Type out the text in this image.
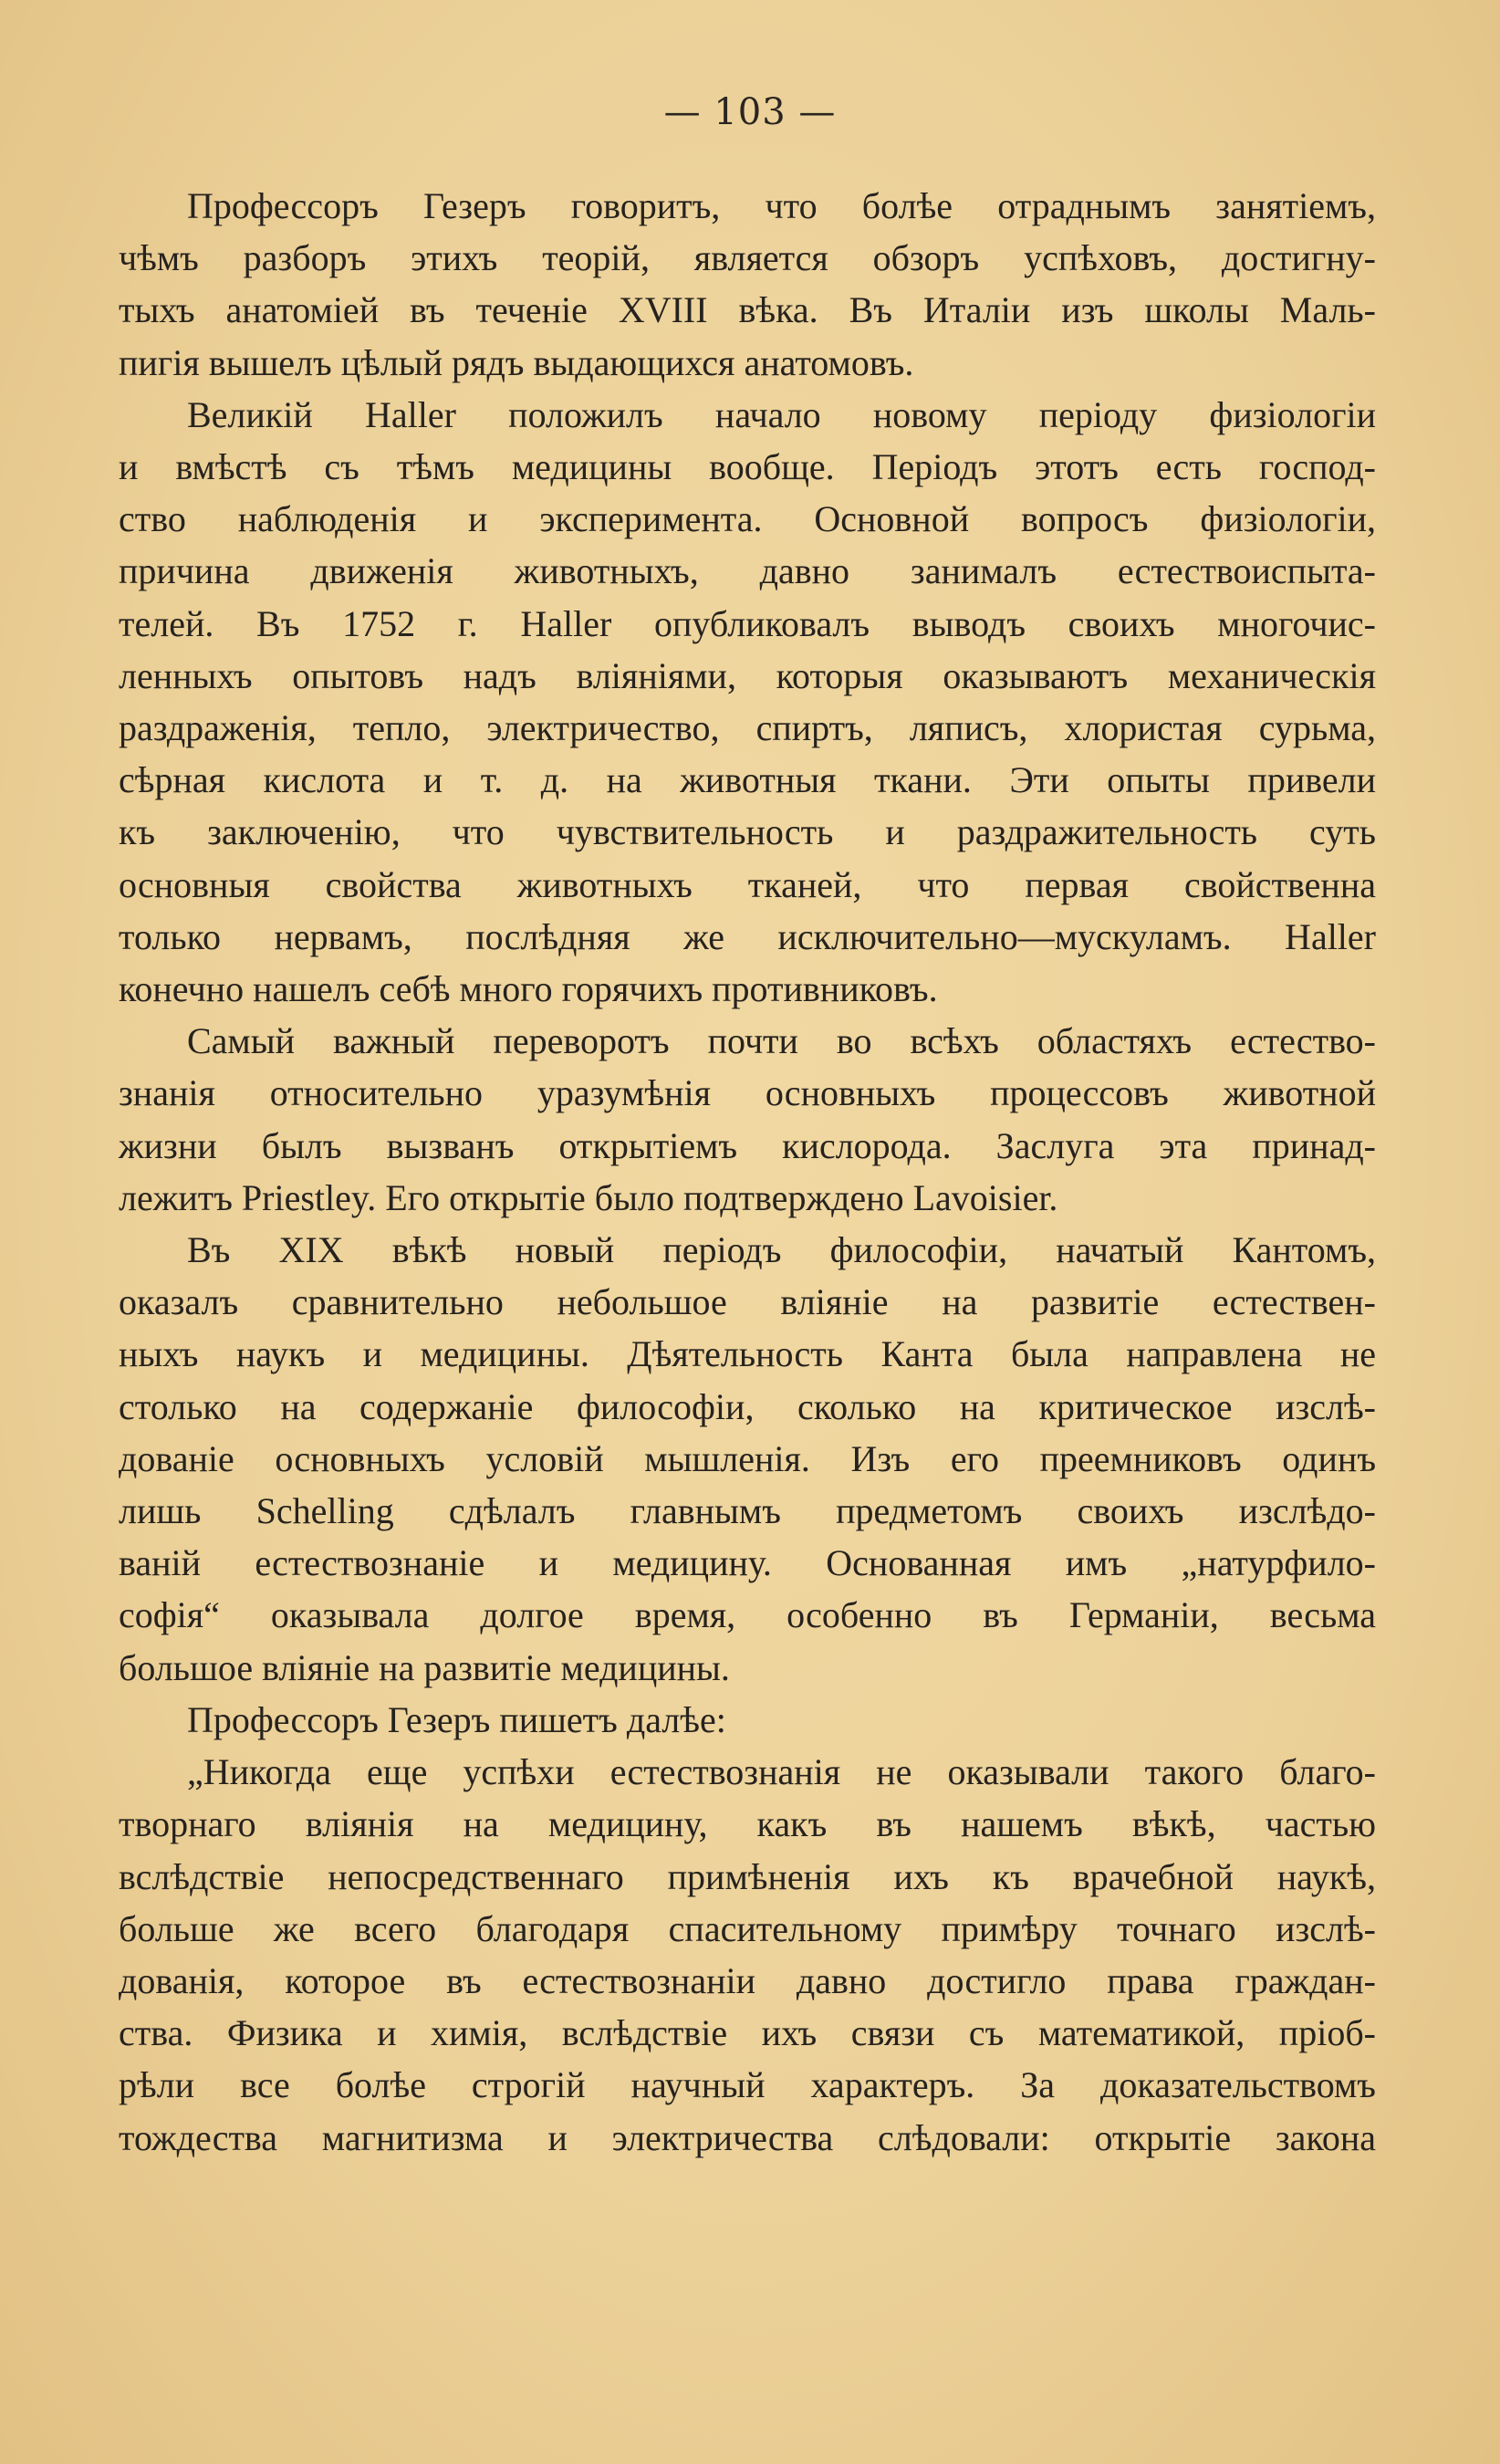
— 103 —
Профессоръ Гезеръ говоритъ, что болѣе отраднымъ занятіемъ,
чѣмъ разборъ этихъ теорій, является обзоръ успѣховъ, достигну-
тыхъ анатоміей въ теченіе XVIII вѣка. Въ Италіи изъ школы Маль-
пигія вышелъ цѣлый рядъ выдающихся анатомовъ.
Великій Haller положилъ начало новому періоду физіологіи
и вмѣстѣ съ тѣмъ медицины вообще. Періодъ этотъ есть господ-
ство наблюденія и эксперимента. Основной вопросъ физіологіи,
причина движенія животныхъ, давно занималъ естествоиспыта-
телей. Въ 1752 г. Haller опубликовалъ выводъ своихъ многочис-
ленныхъ опытовъ надъ вліяніями, которыя оказываютъ механическія
раздраженія, тепло, электричество, спиртъ, ляписъ, хлористая сурьма,
сѣрная кислота и т. д. на животныя ткани. Эти опыты привели
къ заключенію, что чувствительность и раздражительность суть
основныя свойства животныхъ тканей, что первая свойственна
только нервамъ, послѣдняя же исключительно—мускуламъ. Haller
конечно нашелъ себѣ много горячихъ противниковъ.
Самый важный переворотъ почти во всѣхъ областяхъ естество-
знанія относительно уразумѣнія основныхъ процессовъ животной
жизни былъ вызванъ открытіемъ кислорода. Заслуга эта принад-
лежитъ Priestley. Его открытіе было подтверждено Lavoisier.
Въ XIX вѣкѣ новый періодъ философіи, начатый Кантомъ,
оказалъ сравнительно небольшое вліяніе на развитіе естествен-
ныхъ наукъ и медицины. Дѣятельность Канта была направлена не
столько на содержаніе философіи, сколько на критическое изслѣ-
дованіе основныхъ условій мышленія. Изъ его преемниковъ одинъ
лишь Schelling сдѣлалъ главнымъ предметомъ своихъ изслѣдо-
ваній естествознаніе и медицину. Основанная имъ „натурфило-
софія“ оказывала долгое время, особенно въ Германіи, весьма
большое вліяніе на развитіе медицины.
Профессоръ Гезеръ пишетъ далѣе:
„Никогда еще успѣхи естествознанія не оказывали такого благо-
творнаго вліянія на медицину, какъ въ нашемъ вѣкѣ, частью
вслѣдствіе непосредственнаго примѣненія ихъ къ врачебной наукѣ,
больше же всего благодаря спасительному примѣру точнаго изслѣ-
дованія, которое въ естествознаніи давно достигло права граждан-
ства. Физика и химія, вслѣдствіе ихъ связи съ математикой, пріоб-
рѣли все болѣе строгій научный характеръ. За доказательствомъ
тождества магнитизма и электричества слѣдовали: открытіе закона
